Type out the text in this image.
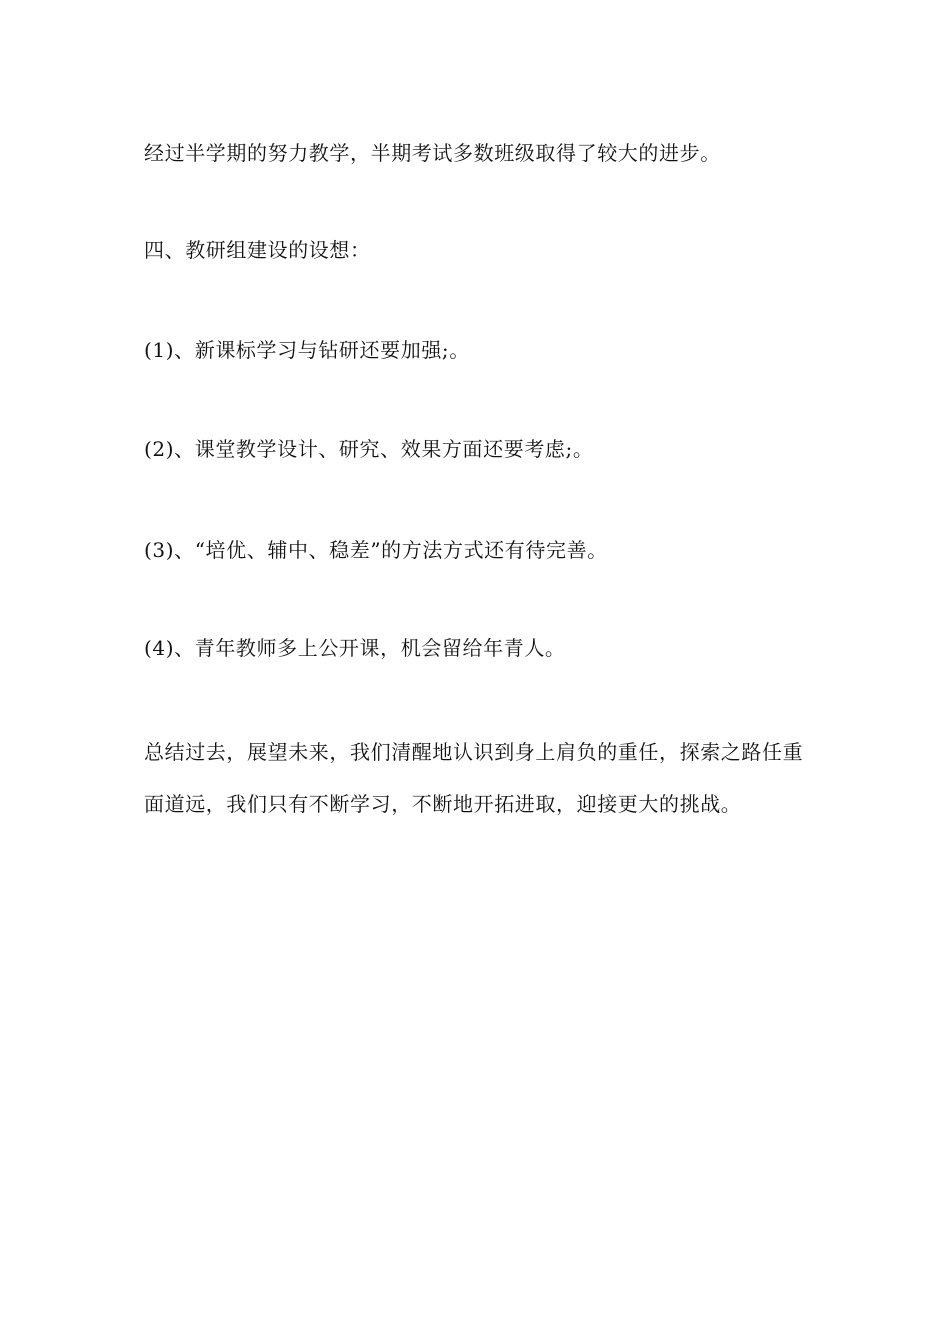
经过半学期的努力教学，半期考试多数班级取得了较大的进步。

四、教研组建设的设想：

(1)、新课标学习与钻研还要加强;。

(2)、课堂教学设计、研究、效果方面还要考虑;。

(3)、“培优、辅中、稳差”的方法方式还有待完善。

(4)、青年教师多上公开课，机会留给年青人。

总结过去，展望未来，我们清醒地认识到身上肩负的重任，探索之路任重面道远，我们只有不断学习，不断地开拓进取，迎接更大的挑战。
